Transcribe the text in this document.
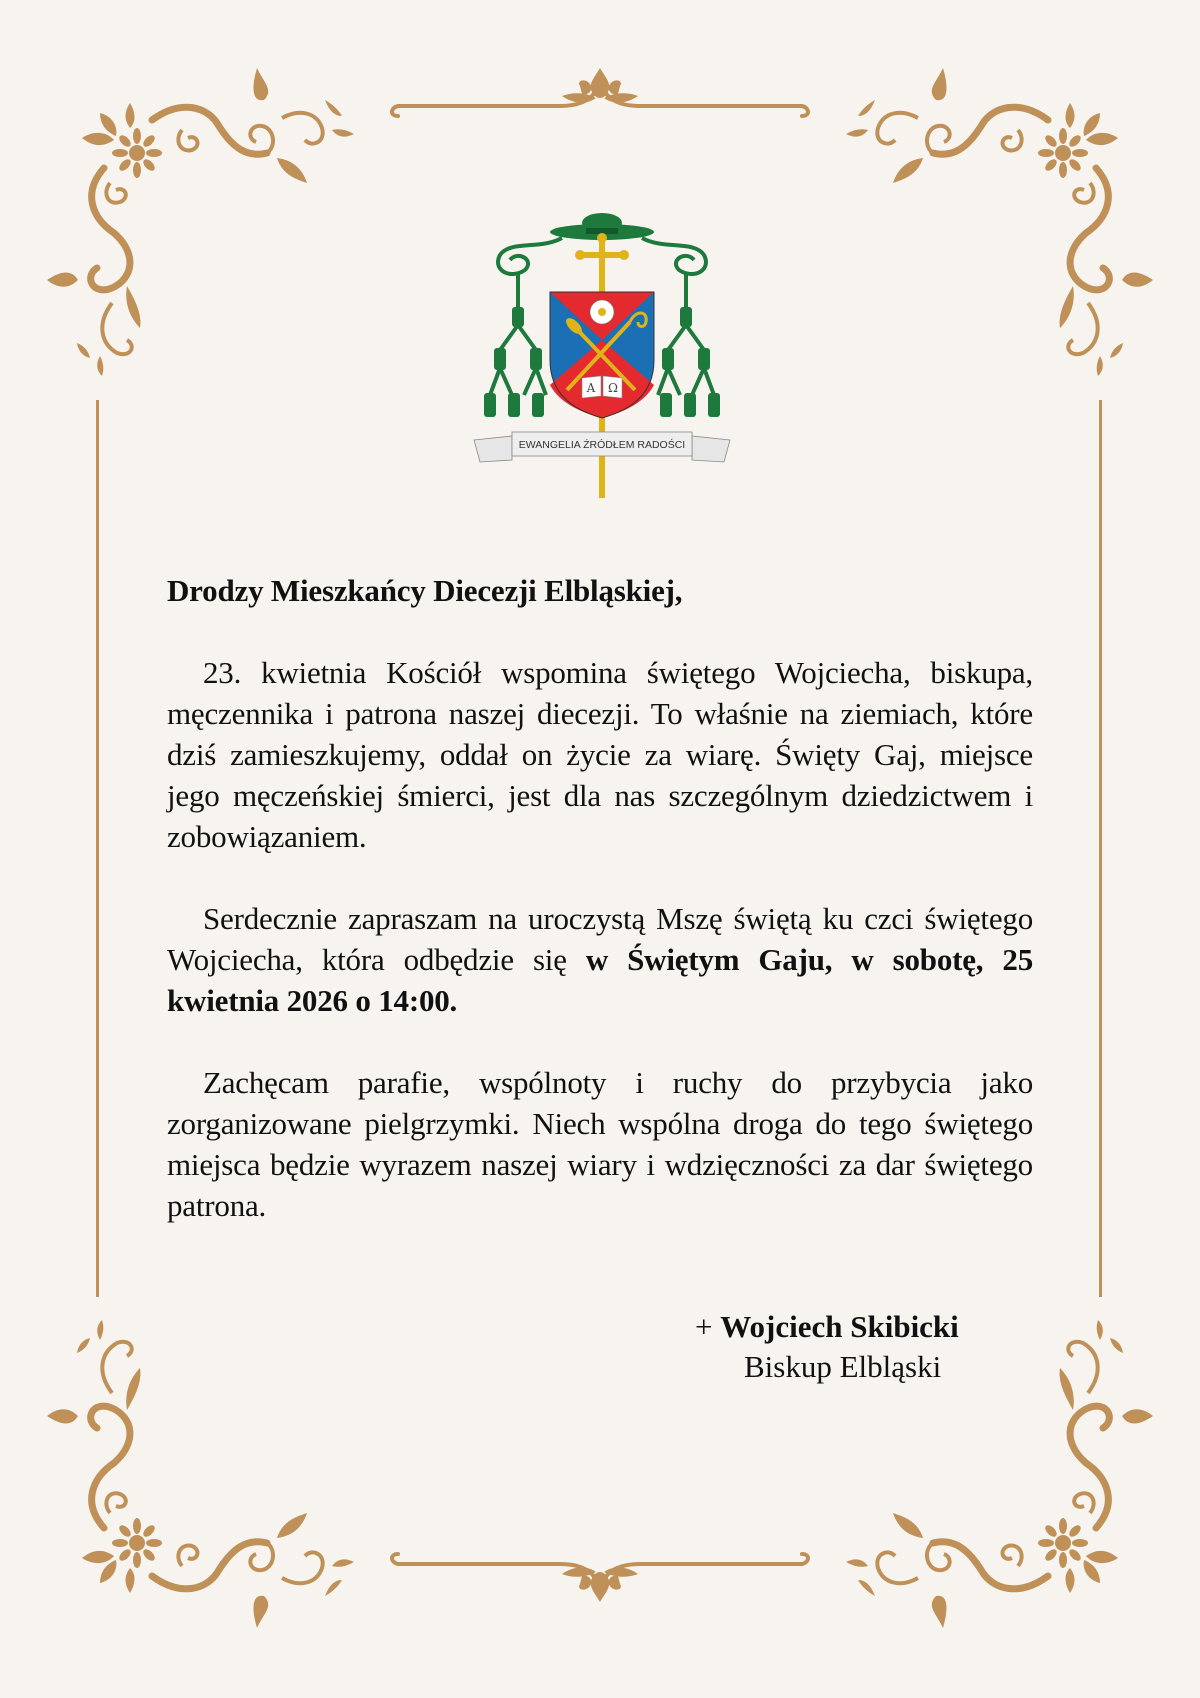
Α Ω
EWANGELIA ŹRÓDŁEM RADOŚCI
Drodzy Mieszkańcy Diecezji Elbląskiej,

23. kwietnia Kościół wspomina świętego Wojciecha, biskupa, męczennika i patrona naszej diecezji. To właśnie na ziemiach, które dziś zamieszkujemy, oddał on życie za wiarę. Święty Gaj, miejsce jego męczeńskiej śmierci, jest dla nas szczególnym dziedzictwem i zobowiązaniem.

Serdecznie zapraszam na uroczystą Mszę świętą ku czci świętego Wojciecha, która odbędzie się w Świętym Gaju, w sobotę, 25 kwietnia 2026 o 14:00.

Zachęcam parafie, wspólnoty i ruchy do przybycia jako zorganizowane pielgrzymki. Niech wspólna droga do tego świętego miejsca będzie wyrazem naszej wiary i wdzięczności za dar świętego patrona.

+ Wojciech Skibicki
Biskup Elbląski
